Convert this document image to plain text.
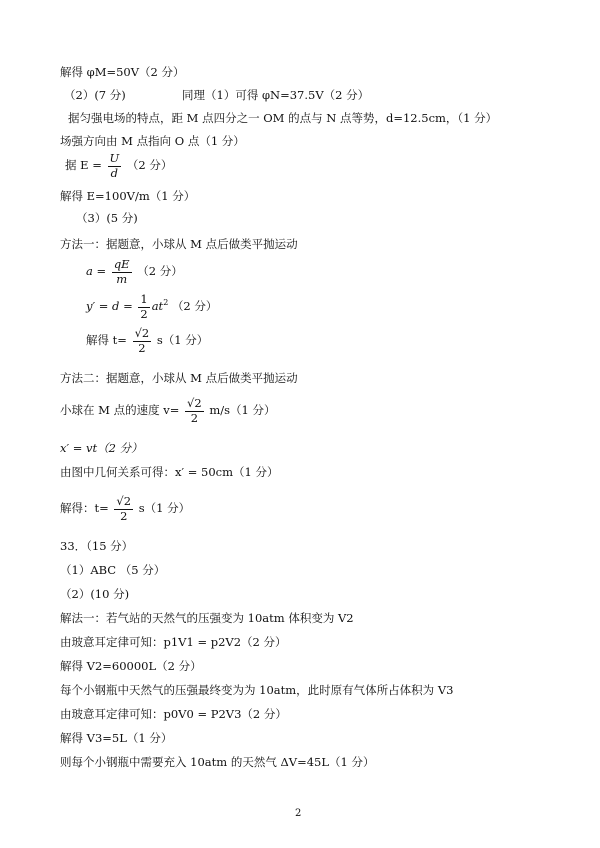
解得 φM=50V（2 分）
（2）(7 分)	同理（1）可得 φN=37.5V（2 分）
据匀强电场的特点，距 M 点四分之一 OM 的点与 N 点等势，d=12.5cm，（1 分）
场强方向由 M 点指向 O 点（1 分）
据 $E = \frac{U}{d} (2$ 分）
解得 E=100V/m（1 分）
（3）(5 分)
方法一：据题意，小球从 M 点后做类平抛运动
$a = \frac{qE}{m} (2$ 分）
$y' = d = \frac{1}{2} at^2$ （2 分）
解得 $t= \frac{√2}{2} s(1$ 分）
方法二：据题意，小球从 M 点后做类平抛运动
小球在 M 点的速度 $v= \frac{√2}{2} m/s(1$ 分）
x′ = vt（2 分）
由图中几何关系可得：x′ = 50cm（1 分）
解得：$t= \frac{√2}{2} s(1$ 分）
33．（15 分）
（1）ABC （5 分）
（2）(10 分)
解法一：若气站的天然气的压强变为 10atm 体积变为 V2
由玻意耳定律可知：p1V1 = p2V2（2 分）
解得 V2=60000L（2 分）
每个小钢瓶中天然气的压强最终变为为 10atm，此时原有气体所占体积为 V3
由玻意耳定律可知：p0V0 = P2V3（2 分）
解得 V3=5L（1 分）
则每个小钢瓶中需要充入 10atm 的天然气 ΔV=45L（1 分）
2
